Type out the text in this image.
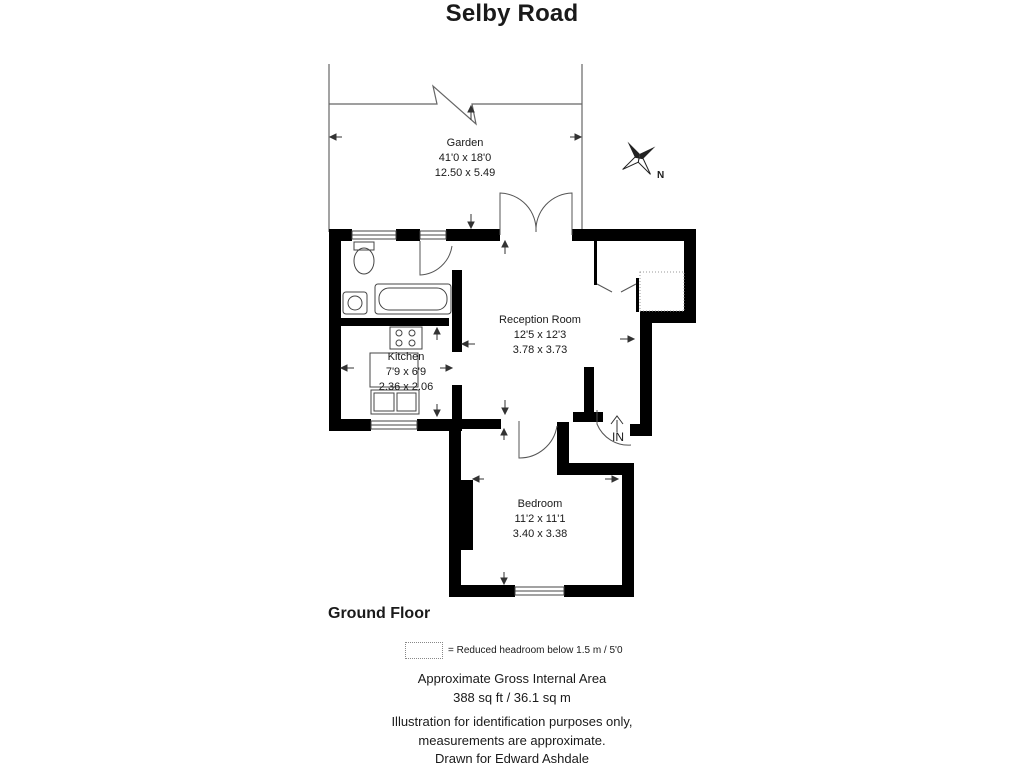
Selby Road
Garden
41'0 x 18'0
12.50 x 5.49
Reception Room
12'5 x 12'3
3.78 x 3.73
Kitchen
7'9 x 6'9
2.36 x 2.06
Bedroom
11'2 x 11'1
3.40 x 3.38
N
IN
Ground Floor
= Reduced headroom below 1.5 m / 5'0
Approximate Gross Internal Area
388 sq ft / 36.1 sq m
Illustration for identification purposes only,
measurements are approximate.
Drawn for Edward Ashdale
